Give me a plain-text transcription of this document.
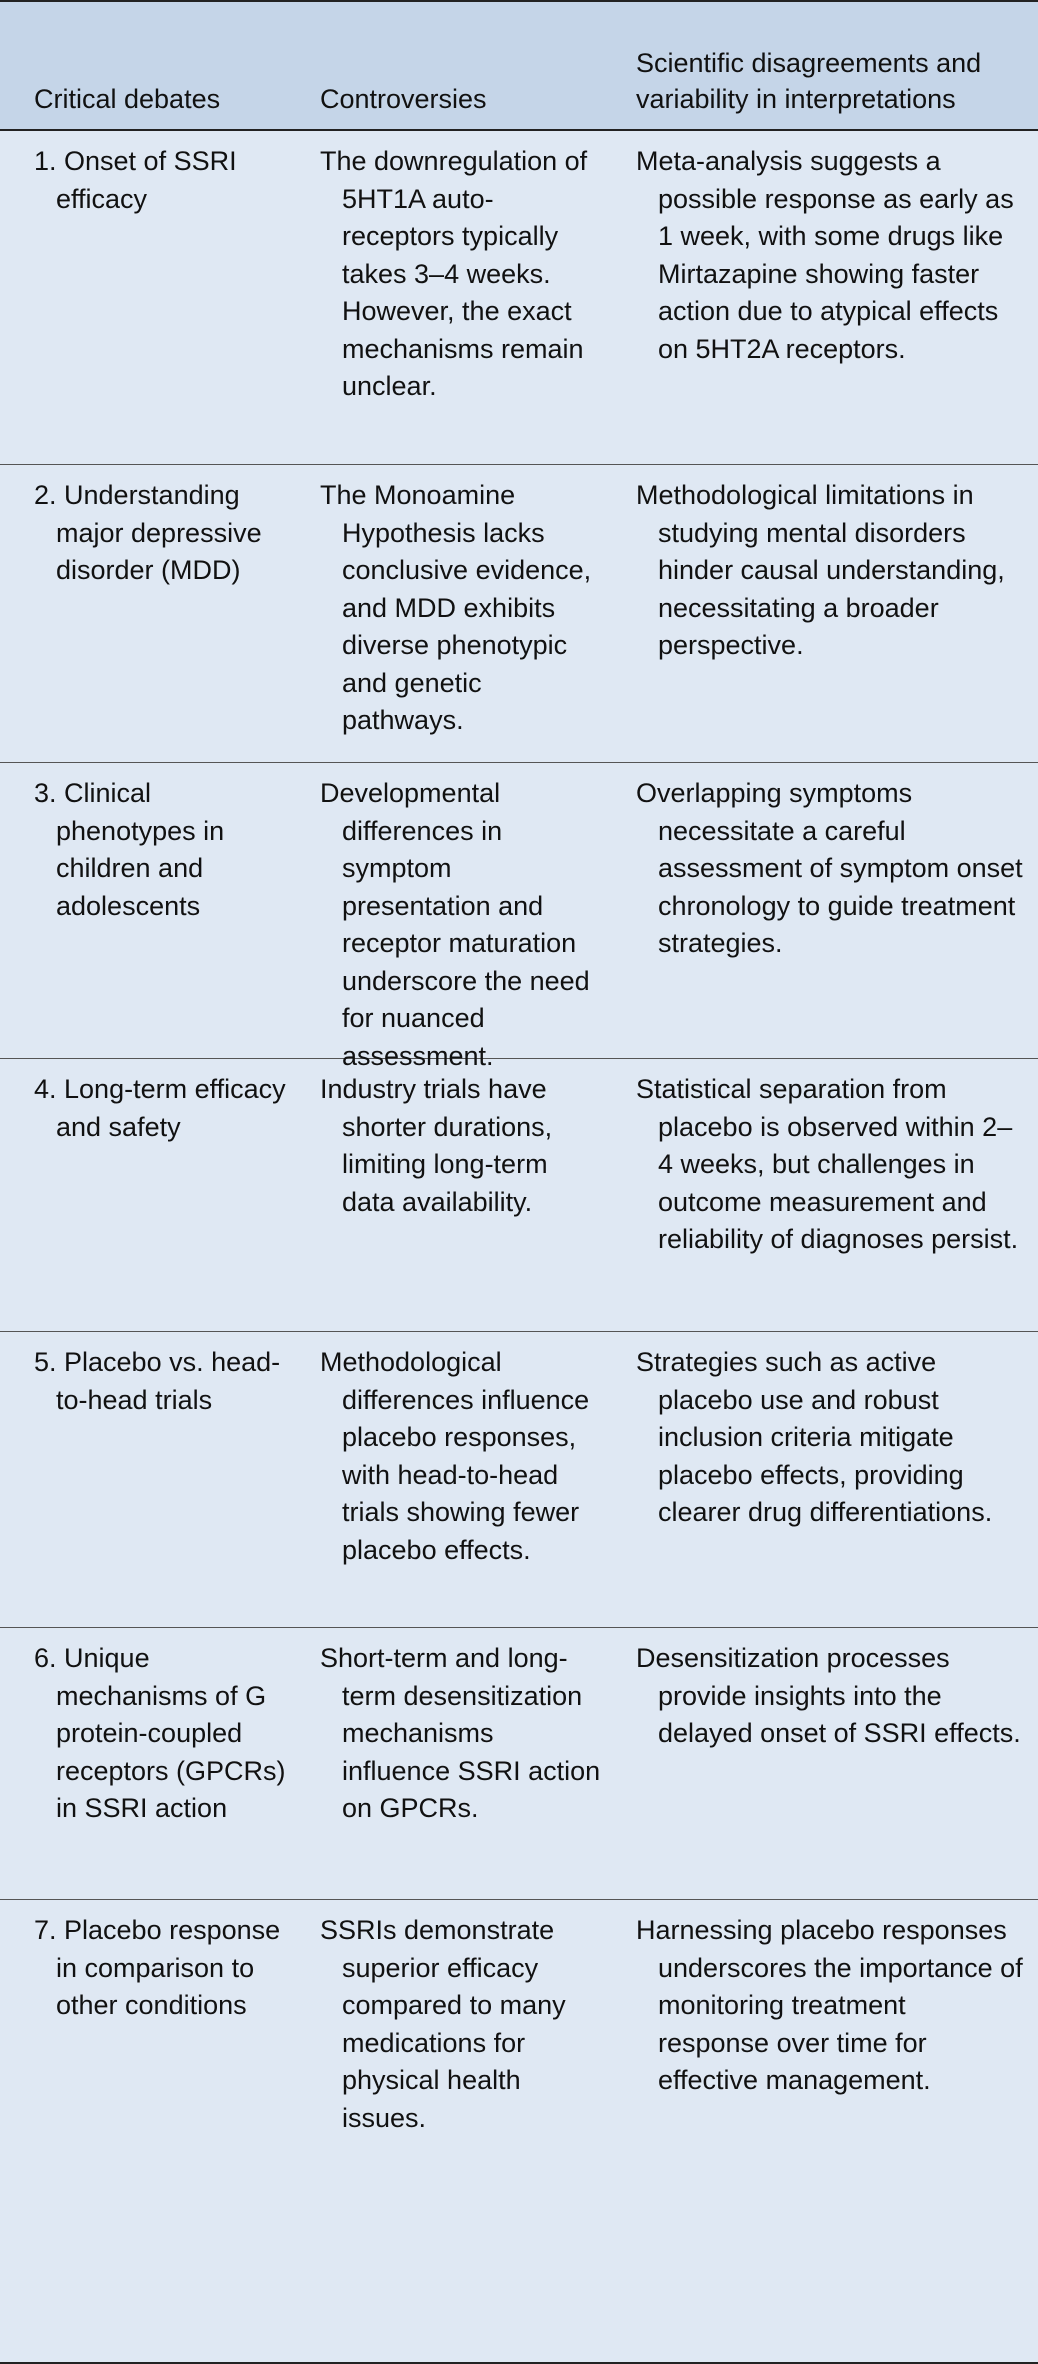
Critical debates	Controversies
Scientific disagreements and variability in interpretations
1. Onset of SSRI efficacy
The downregulation of 5HT1A auto-receptors typically takes 3–4 weeks. However, the exact mechanisms remain unclear.
Meta-analysis suggests a possible response as early as 1 week, with some drugs like Mirtazapine showing faster action due to atypical effects on 5HT2A receptors.
2. Understanding major depressive disorder (MDD)
The Monoamine Hypothesis lacks conclusive evidence, and MDD exhibits diverse phenotypic and genetic pathways.
Methodological limitations in studying mental disorders hinder causal understanding, necessitating a broader perspective.
3. Clinical phenotypes in children and adolescents
Developmental differences in symptom presentation and receptor maturation underscore the need for nuanced assessment.
Overlapping symptoms necessitate a careful assessment of symptom onset chronology to guide treatment strategies.
4. Long-term efficacy and safety
Industry trials have shorter durations, limiting long-term data availability.
Statistical separation from placebo is observed within 2–4 weeks, but challenges in outcome measurement and reliability of diagnoses persist.
5. Placebo vs. head-to-head trials
Methodological differences influence placebo responses, with head-to-head trials showing fewer placebo effects.
Strategies such as active placebo use and robust inclusion criteria mitigate placebo effects, providing clearer drug differentiations.
6. Unique mechanisms of G protein-coupled receptors (GPCRs) in SSRI action
Short-term and long-term desensitization mechanisms influence SSRI action on GPCRs.
Desensitization processes provide insights into the delayed onset of SSRI effects.
7. Placebo response in comparison to other conditions
SSRIs demonstrate superior efficacy compared to many medications for physical health issues.
Harnessing placebo responses underscores the importance of monitoring treatment response over time for effective management.
